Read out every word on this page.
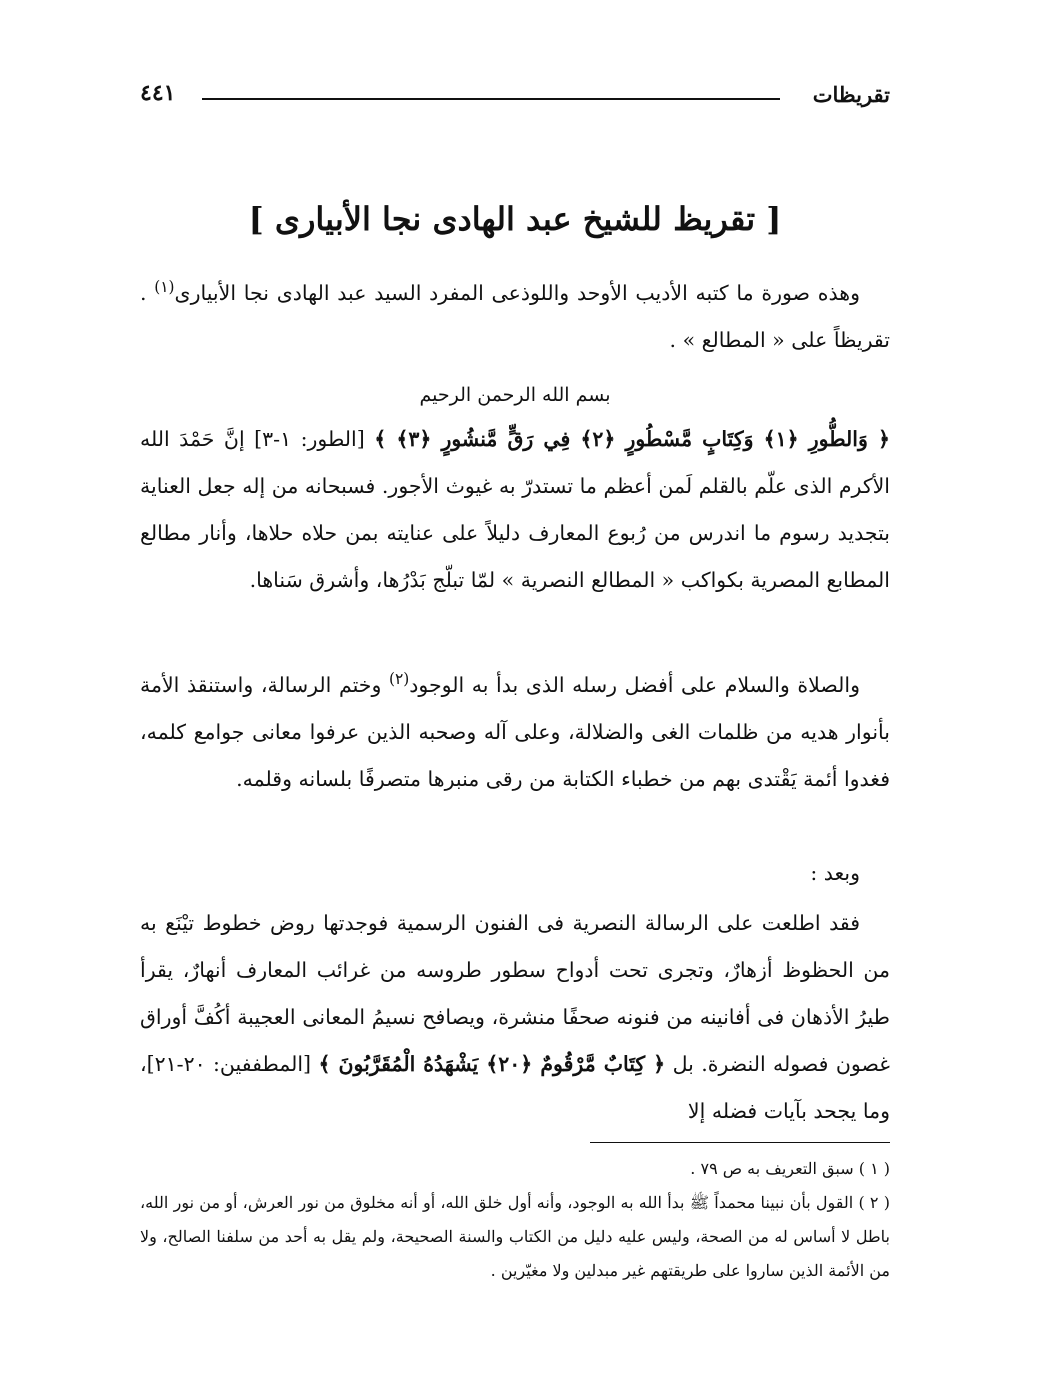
تقريظات
٤٤١
[ تقريظ للشيخ عبد الهادى نجا الأبيارى ]
وهذه صورة ما كتبه الأديب الأوحد واللوذعى المفرد السيد عبد الهادى نجا الأبيارى$^{(١)}$ . تقريظاً على « المطالع » .
بسم الله الرحمن الرحيم
﴿ وَالطُّورِ ﴿١﴾ وَكِتَابٍ مَّسْطُورٍ ﴿٢﴾ فِي رَقٍّ مَّنشُورٍ ﴿٣﴾ ﴾ [الطور: ١-٣] إنَّ حَمْدَ الله الأكرم الذى علّم بالقلم لَمن أعظم ما تستدرّ به غيوث الأجور. فسبحانه من إله جعل العناية بتجديد رسوم ما اندرس من رُبوع المعارف دليلاً على عنايته بمن حلاه حلاها، وأنار مطالع المطابع المصرية بكواكب « المطالع النصرية » لمّا تبلّج بَدْرُها، وأشرق سَناها.
والصلاة والسلام على أفضل رسله الذى بدأ به الوجود$^{(٢)}$ وختم الرسالة، واستنقذ الأمة بأنوار هديه من ظلمات الغى والضلالة، وعلى آله وصحبه الذين عرفوا معانى جوامع كلمه، فغدوا أئمة يَقْتدى بهم من خطباء الكتابة من رقى منبرها متصرفًا بلسانه وقلمه.
وبعد :
فقد اطلعت على الرسالة النصرية فى الفنون الرسمية فوجدتها روض خطوط تيْنَع به من الحظوظ أزهارٌ، وتجرى تحت أدواح سطور طروسه من غرائب المعارف أنهارٌ، يقرأ طيرُ الأذهان فى أفانينه من فنونه صحفًا منشرة، ويصافح نسيمُ المعانى العجيبة أكُفَّ أوراق غصون فصوله النضرة. بل ﴿ كِتَابٌ مَّرْقُومٌ ﴿٢٠﴾ يَشْهَدُهُ الْمُقَرَّبُونَ ﴾ [المطففين: ٢٠-٢١]، وما يجحد بآيات فضله إلا

( ١ ) سبق التعريف به ص ٧٩ .

( ٢ ) القول بأن نبينا محمداً ﷺ بدأ الله به الوجود، وأنه أول خلق الله، أو أنه مخلوق من نور العرش، أو من نور الله، باطل لا أساس له من الصحة، وليس عليه دليل من الكتاب والسنة الصحيحة، ولم يقل به أحد من سلفنا الصالح، ولا من الأئمة الذين ساروا على طريقتهم غير مبدلين ولا مغيّرين .
